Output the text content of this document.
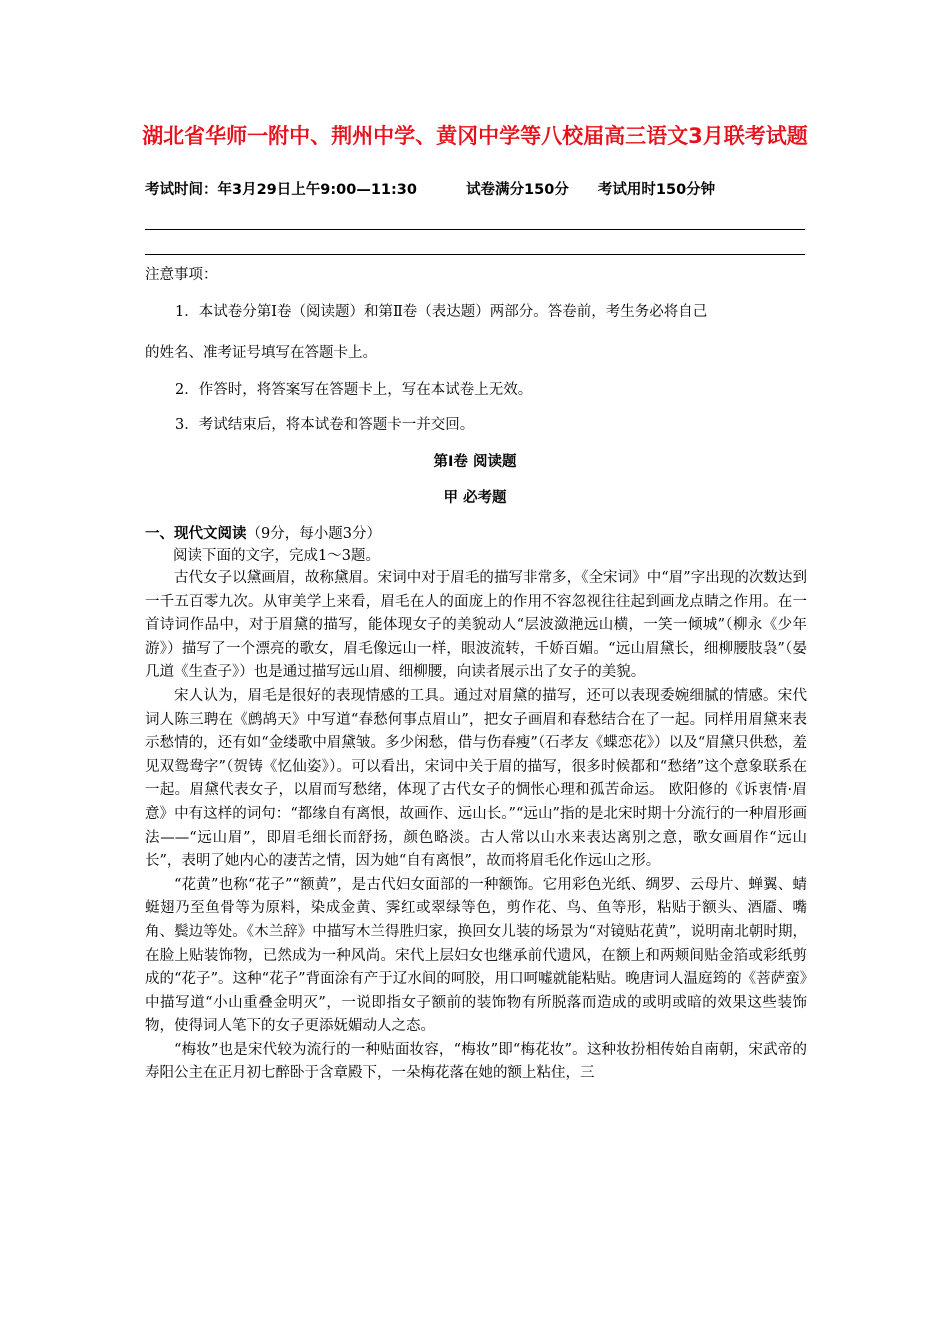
湖北省华师一附中、荆州中学、黄冈中学等八校届高三语文3月联考试题
考试时间：年3月29日上午9:00—11:30	试卷满分150分 考试用时150分钟
注意事项：
1．本试卷分第Ⅰ卷（阅读题）和第Ⅱ卷（表达题）两部分。答卷前，考生务必将自己
的姓名、准考证号填写在答题卡上。
2．作答时，将答案写在答题卡上，写在本试卷上无效。
3．考试结束后，将本试卷和答题卡一并交回。
第Ⅰ卷 阅读题
甲 必考题
一、现代文阅读（9分，每小题3分）
阅读下面的文字，完成1～3题。

古代女子以黛画眉，故称黛眉。宋词中对于眉毛的描写非常多，《全宋词》中“眉”字出现的次数达到一千五百零九次。从审美学上来看，眉毛在人的面庞上的作用不容忽视往往起到画龙点睛之作用。在一首诗词作品中，对于眉黛的描写，能体现女子的美貌动人“层波潋滟远山横，一笑一倾城”（柳永《少年游》）描写了一个漂亮的歌女，眉毛像远山一样，眼波流转，千娇百媚。“远山眉黛长，细柳腰肢袅”（晏几道《生查子》）也是通过描写远山眉、细柳腰，向读者展示出了女子的美貌。

宋人认为，眉毛是很好的表现情感的工具。通过对眉黛的描写，还可以表现委婉细腻的情感。宋代词人陈三聘在《鹧鸪天》中写道“春愁何事点眉山”，把女子画眉和春愁结合在了一起。同样用眉黛来表示愁情的，还有如“金缕歌中眉黛皱。多少闲愁，借与伤春瘦”（石孝友《蝶恋花》）以及“眉黛只供愁，羞见双鸳鸯字”（贺铸《忆仙姿》）。可以看出，宋词中关于眉的描写，很多时候都和“愁绪”这个意象联系在一起。眉黛代表女子，以眉而写愁绪，体现了古代女子的惆怅心理和孤苦命运。 欧阳修的《诉衷情·眉意》中有这样的词句：“都缘自有离恨，故画作、远山长。”“远山”指的是北宋时期十分流行的一种眉形画法——“远山眉”，即眉毛细长而舒扬，颜色略淡。古人常以山水来表达离别之意，歌女画眉作“远山长”，表明了她内心的凄苦之情，因为她“自有离恨”，故而将眉毛化作远山之形。

“花黄”也称“花子”“额黄”，是古代妇女面部的一种额饰。它用彩色光纸、绸罗、云母片、蝉翼、蜻蜓翅乃至鱼骨等为原料，染成金黄、霁红或翠绿等色，剪作花、鸟、鱼等形，粘贴于额头、酒靥、嘴角、鬓边等处。《木兰辞》中描写木兰得胜归家，换回女儿装的场景为“对镜贴花黄”，说明南北朝时期，在脸上贴装饰物，已然成为一种风尚。宋代上层妇女也继承前代遗风，在额上和两颊间贴金箔或彩纸剪成的“花子”。这种“花子”背面涂有产于辽水间的呵胶，用口呵嘘就能粘贴。晚唐词人温庭筠的《菩萨蛮》中描写道“小山重叠金明灭”，一说即指女子额前的装饰物有所脱落而造成的或明或暗的效果这些装饰物，使得词人笔下的女子更添妩媚动人之态。

“梅妆”也是宋代较为流行的一种贴面妆容，“梅妆”即“梅花妆”。这种妆扮相传始自南朝，宋武帝的寿阳公主在正月初七醉卧于含章殿下，一朵梅花落在她的额上粘住，三
